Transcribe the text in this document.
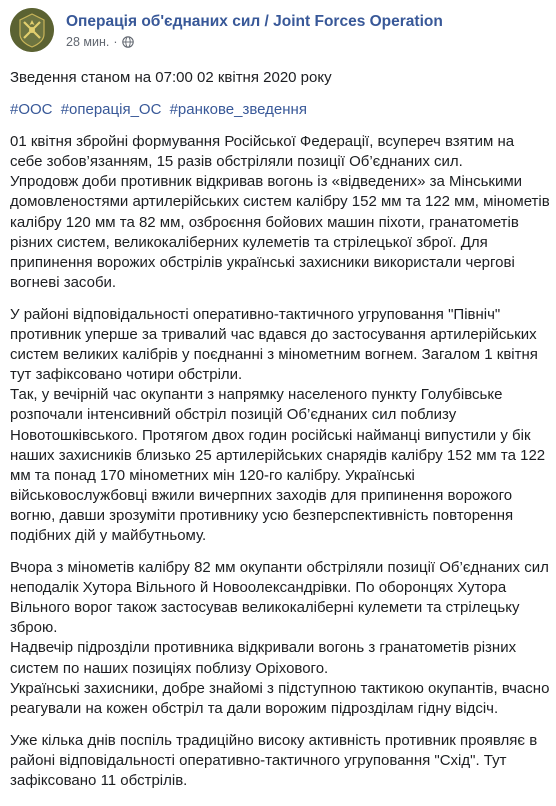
Операція об'єднаних сил / Joint Forces Operation
28 мин. ·

Зведення станом на 07:00 02 квітня 2020 року

#ООС #операція_ОС #ранкове_зведення

01 квітня збройні формування Російської Федерації, всупереч взятим на себе зобов’язанням, 15 разів обстріляли позиції Об’єднаних сил.
Упродовж доби противник відкривав вогонь із «відведених» за Мінськими домовленостями артилерійських систем калібру 152 мм та 122 мм, мінометів калібру 120 мм та 82 мм, озброєння бойових машин піхоти, гранатометів різних систем, великокаліберних кулеметів та стрілецької зброї. Для припинення ворожих обстрілів українські захисники використали чергові вогневі засоби.

У районі відповідальності оперативно-тактичного угруповання "Північ" противник уперше за тривалий час вдався до застосування артилерійських систем великих калібрів у поєднанні з мінометним вогнем. Загалом 1 квітня тут зафіксовано чотири обстріли.
Так, у вечірній час окупанти з напрямку населеного пункту Голубівське розпочали інтенсивний обстріл позицій Об’єднаних сил поблизу Новотошківського. Протягом двох годин російські найманці випустили у бік наших захисників близько 25 артилерійських снарядів калібру 152 мм та 122 мм та понад 170 мінометних мін 120-го калібру. Українські військовослужбовці вжили вичерпних заходів для припинення ворожого вогню, давши зрозуміти противнику усю безперспективність повторення подібних дій у майбутньому.

Вчора з мінометів калібру 82 мм окупанти обстріляли позиції Об’єднаних сил неподалік Хутора Вільного й Новоолександрівки. По оборонцях Хутора Вільного ворог також застосував великокаліберні кулемети та стрілецьку зброю.
Надвечір підрозділи противника відкривали вогонь з гранатометів різних систем по наших позиціях поблизу Оріхового.
Українські захисники, добре знайомі з підступною тактикою окупантів, вчасно реагували на кожен обстріл та дали ворожим підрозділам гідну відсіч.

Уже кілька днів поспіль традиційно високу активність противник проявляє в районі відповідальності оперативно-тактичного угруповання "Схід". Тут зафіксовано 11 обстрілів.
